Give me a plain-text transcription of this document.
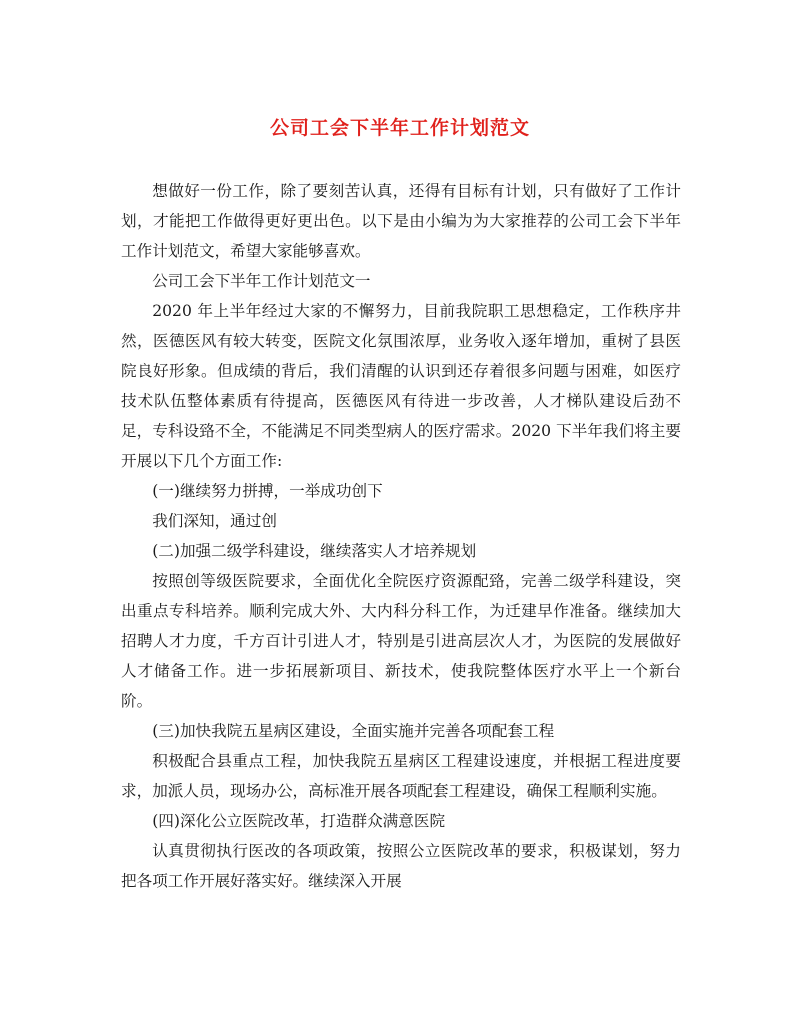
公司工会下半年工作计划范文

想做好一份工作，除了要刻苦认真，还得有目标有计划，只有做好了工作计划，才能把工作做得更好更出色。以下是由小编为为大家推荐的公司工会下半年工作计划范文，希望大家能够喜欢。

公司工会下半年工作计划范文一

2020 年上半年经过大家的不懈努力，目前我院职工思想稳定，工作秩序井然，医德医风有较大转变，医院文化氛围浓厚，业务收入逐年增加，重树了县医院良好形象。但成绩的背后，我们清醒的认识到还存着很多问题与困难，如医疗技术队伍整体素质有待提高，医德医风有待进一步改善，人才梯队建设后劲不足，专科设臵不全，不能满足不同类型病人的医疗需求。2020 下半年我们将主要开展以下几个方面工作:

(一)继续努力拼搏，一举成功创下

我们深知，通过创

(二)加强二级学科建设，继续落实人才培养规划

按照创等级医院要求，全面优化全院医疗资源配臵，完善二级学科建设，突出重点专科培养。顺利完成大外、大内科分科工作，为迁建早作准备。继续加大招聘人才力度，千方百计引进人才，特别是引进高层次人才，为医院的发展做好人才储备工作。进一步拓展新项目、新技术，使我院整体医疗水平上一个新台阶。

(三)加快我院五星病区建设，全面实施并完善各项配套工程

积极配合县重点工程，加快我院五星病区工程建设速度，并根据工程进度要求，加派人员，现场办公，高标准开展各项配套工程建设，确保工程顺利实施。

(四)深化公立医院改革，打造群众满意医院

认真贯彻执行医改的各项政策，按照公立医院改革的要求，积极谋划，努力把各项工作开展好落实好。继续深入开展
